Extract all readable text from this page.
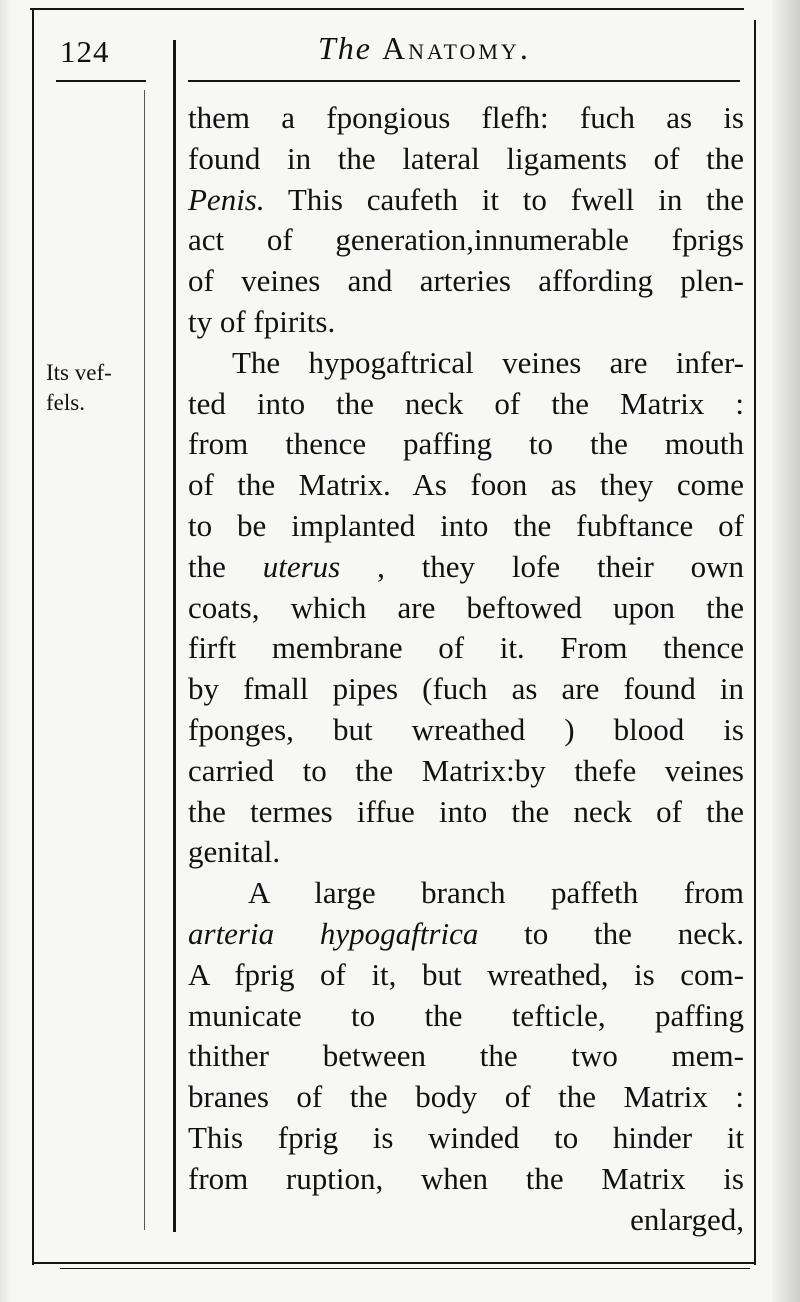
124	The Anatomy.
Its vef-
fels.
them a fpongious flefh: fuch as is
found in the lateral ligaments of the
Penis. This caufeth it to fwell in the
act of generation,innumerable fprigs
of veines and arteries affording plen-
ty of fpirits.
The hypogaftrical veines are infer-
ted into the neck of the Matrix :
from thence paffing to the mouth
of the Matrix. As foon as they come
to be implanted into the fubftance of
the uterus , they lofe their own
coats, which are beftowed upon the
firft membrane of it. From thence
by fmall pipes (fuch as are found in
fponges, but wreathed ) blood is
carried to the Matrix:by thefe veines
the termes iffue into the neck of the
genital.
A large branch paffeth from
arteria hypogaftrica to the neck.
A fprig of it, but wreathed, is com-
municate to the tefticle, paffing
thither between the two mem-
branes of the body of the Matrix :
This fprig is winded to hinder it
from ruption, when the Matrix is
enlarged,
